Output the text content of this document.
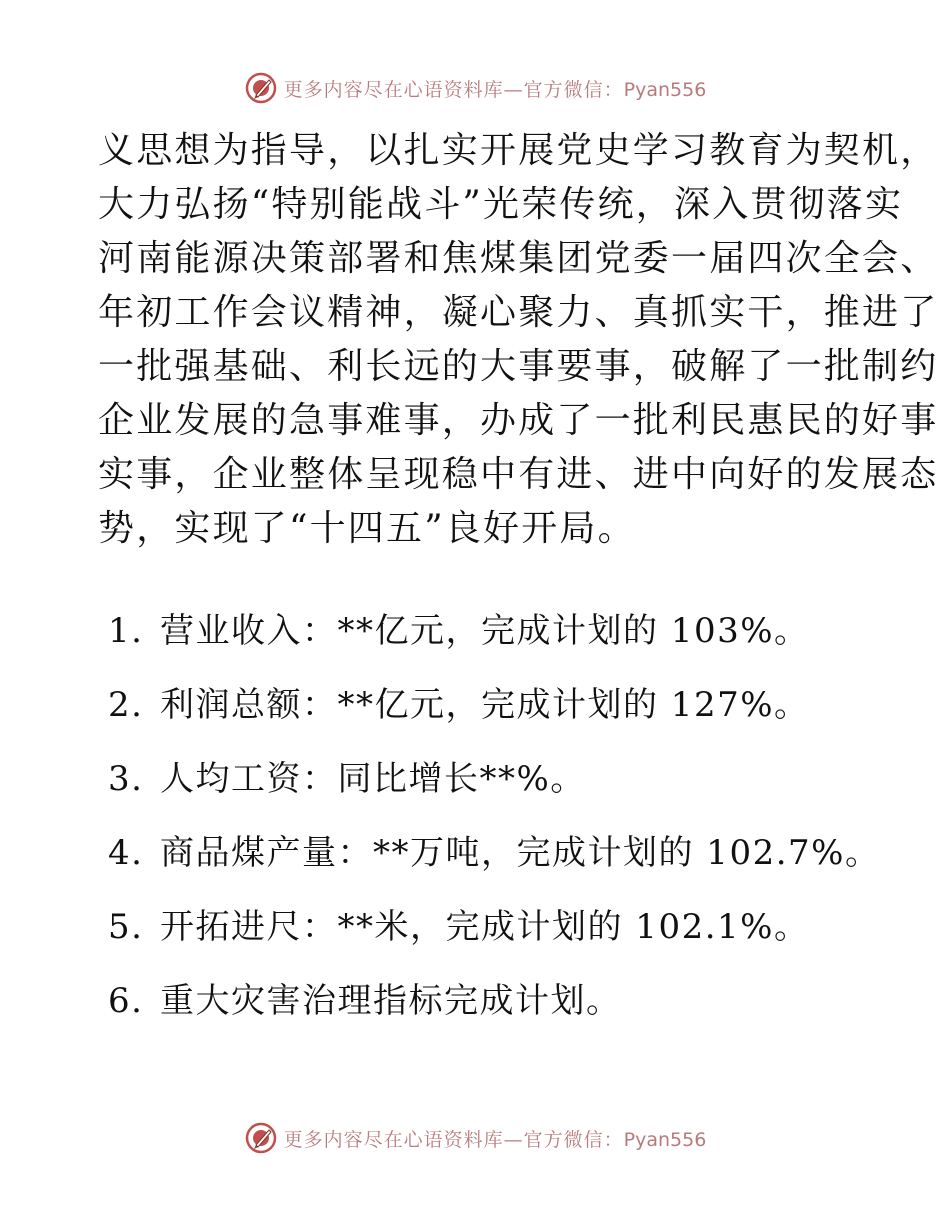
更多内容尽在心语资料库—官方微信：Pyan556
义思想为指导，以扎实开展党史学习教育为契机，
大力弘扬“特别能战斗”光荣传统，深入贯彻落实
河南能源决策部署和焦煤集团党委一届四次全会、
年初工作会议精神，凝心聚力、真抓实干，推进了
一批强基础、利长远的大事要事，破解了一批制约
企业发展的急事难事，办成了一批利民惠民的好事
实事，企业整体呈现稳中有进、进中向好的发展态
势，实现了“十四五”良好开局。
1. 营业收入：**亿元，完成计划的 103%。
2. 利润总额：**亿元，完成计划的 127%。
3. 人均工资：同比增长**%。
4. 商品煤产量：**万吨，完成计划的 102.7%。
5. 开拓进尺：**米，完成计划的 102.1%。
6. 重大灾害治理指标完成计划。
更多内容尽在心语资料库—官方微信：Pyan556
